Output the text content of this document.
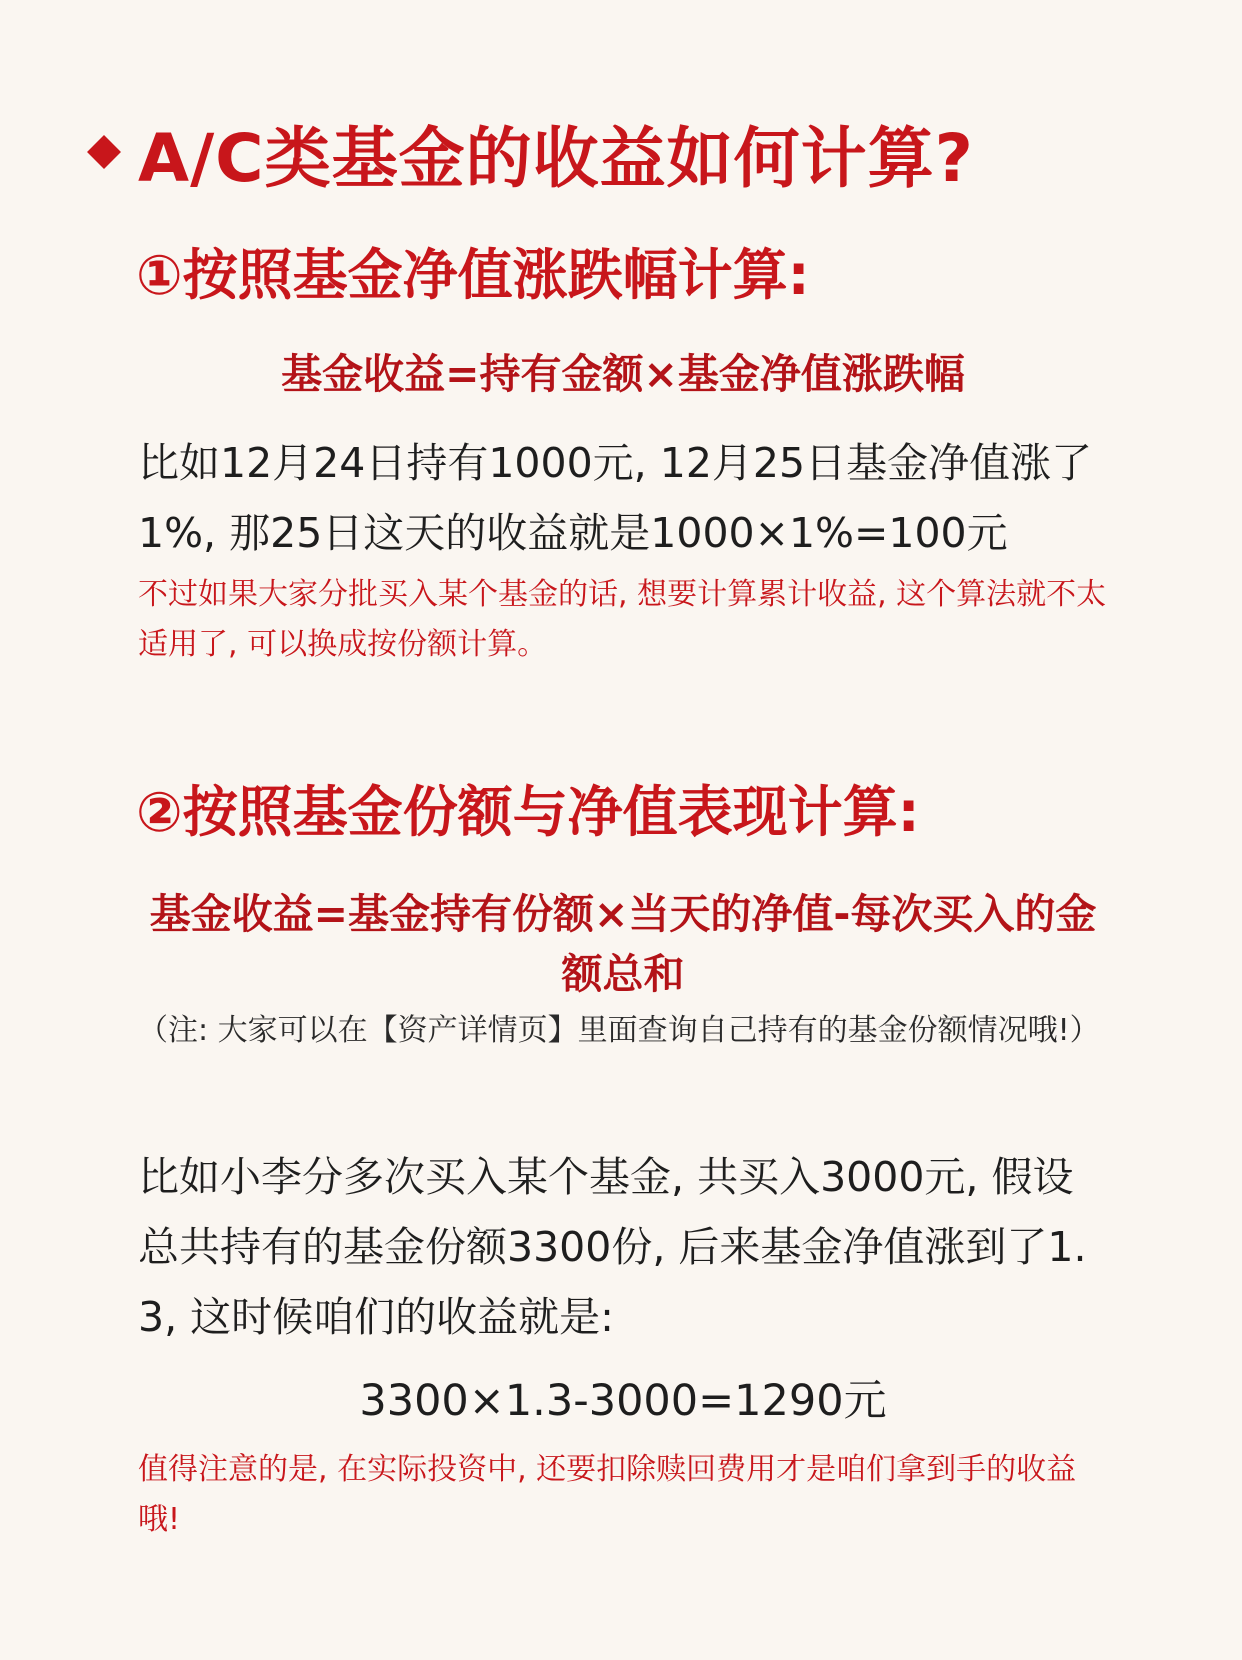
A/C类基金的收益如何计算?
①按照基金净值涨跌幅计算:
基金收益=持有金额×基金净值涨跌幅
比如12月24日持有1000元, 12月25日基金净值涨了1%, 那25日这天的收益就是1000×1%=100元
不过如果大家分批买入某个基金的话, 想要计算累计收益, 这个算法就不太适用了, 可以换成按份额计算。
②按照基金份额与净值表现计算:
基金收益=基金持有份额×当天的净值-每次买入的金额总和
（注: 大家可以在【资产详情页】里面查询自己持有的基金份额情况哦!）
比如小李分多次买入某个基金, 共买入3000元, 假设总共持有的基金份额3300份, 后来基金净值涨到了1.3, 这时候咱们的收益就是:
3300×1.3-3000=1290元
值得注意的是, 在实际投资中, 还要扣除赎回费用才是咱们拿到手的收益哦!
